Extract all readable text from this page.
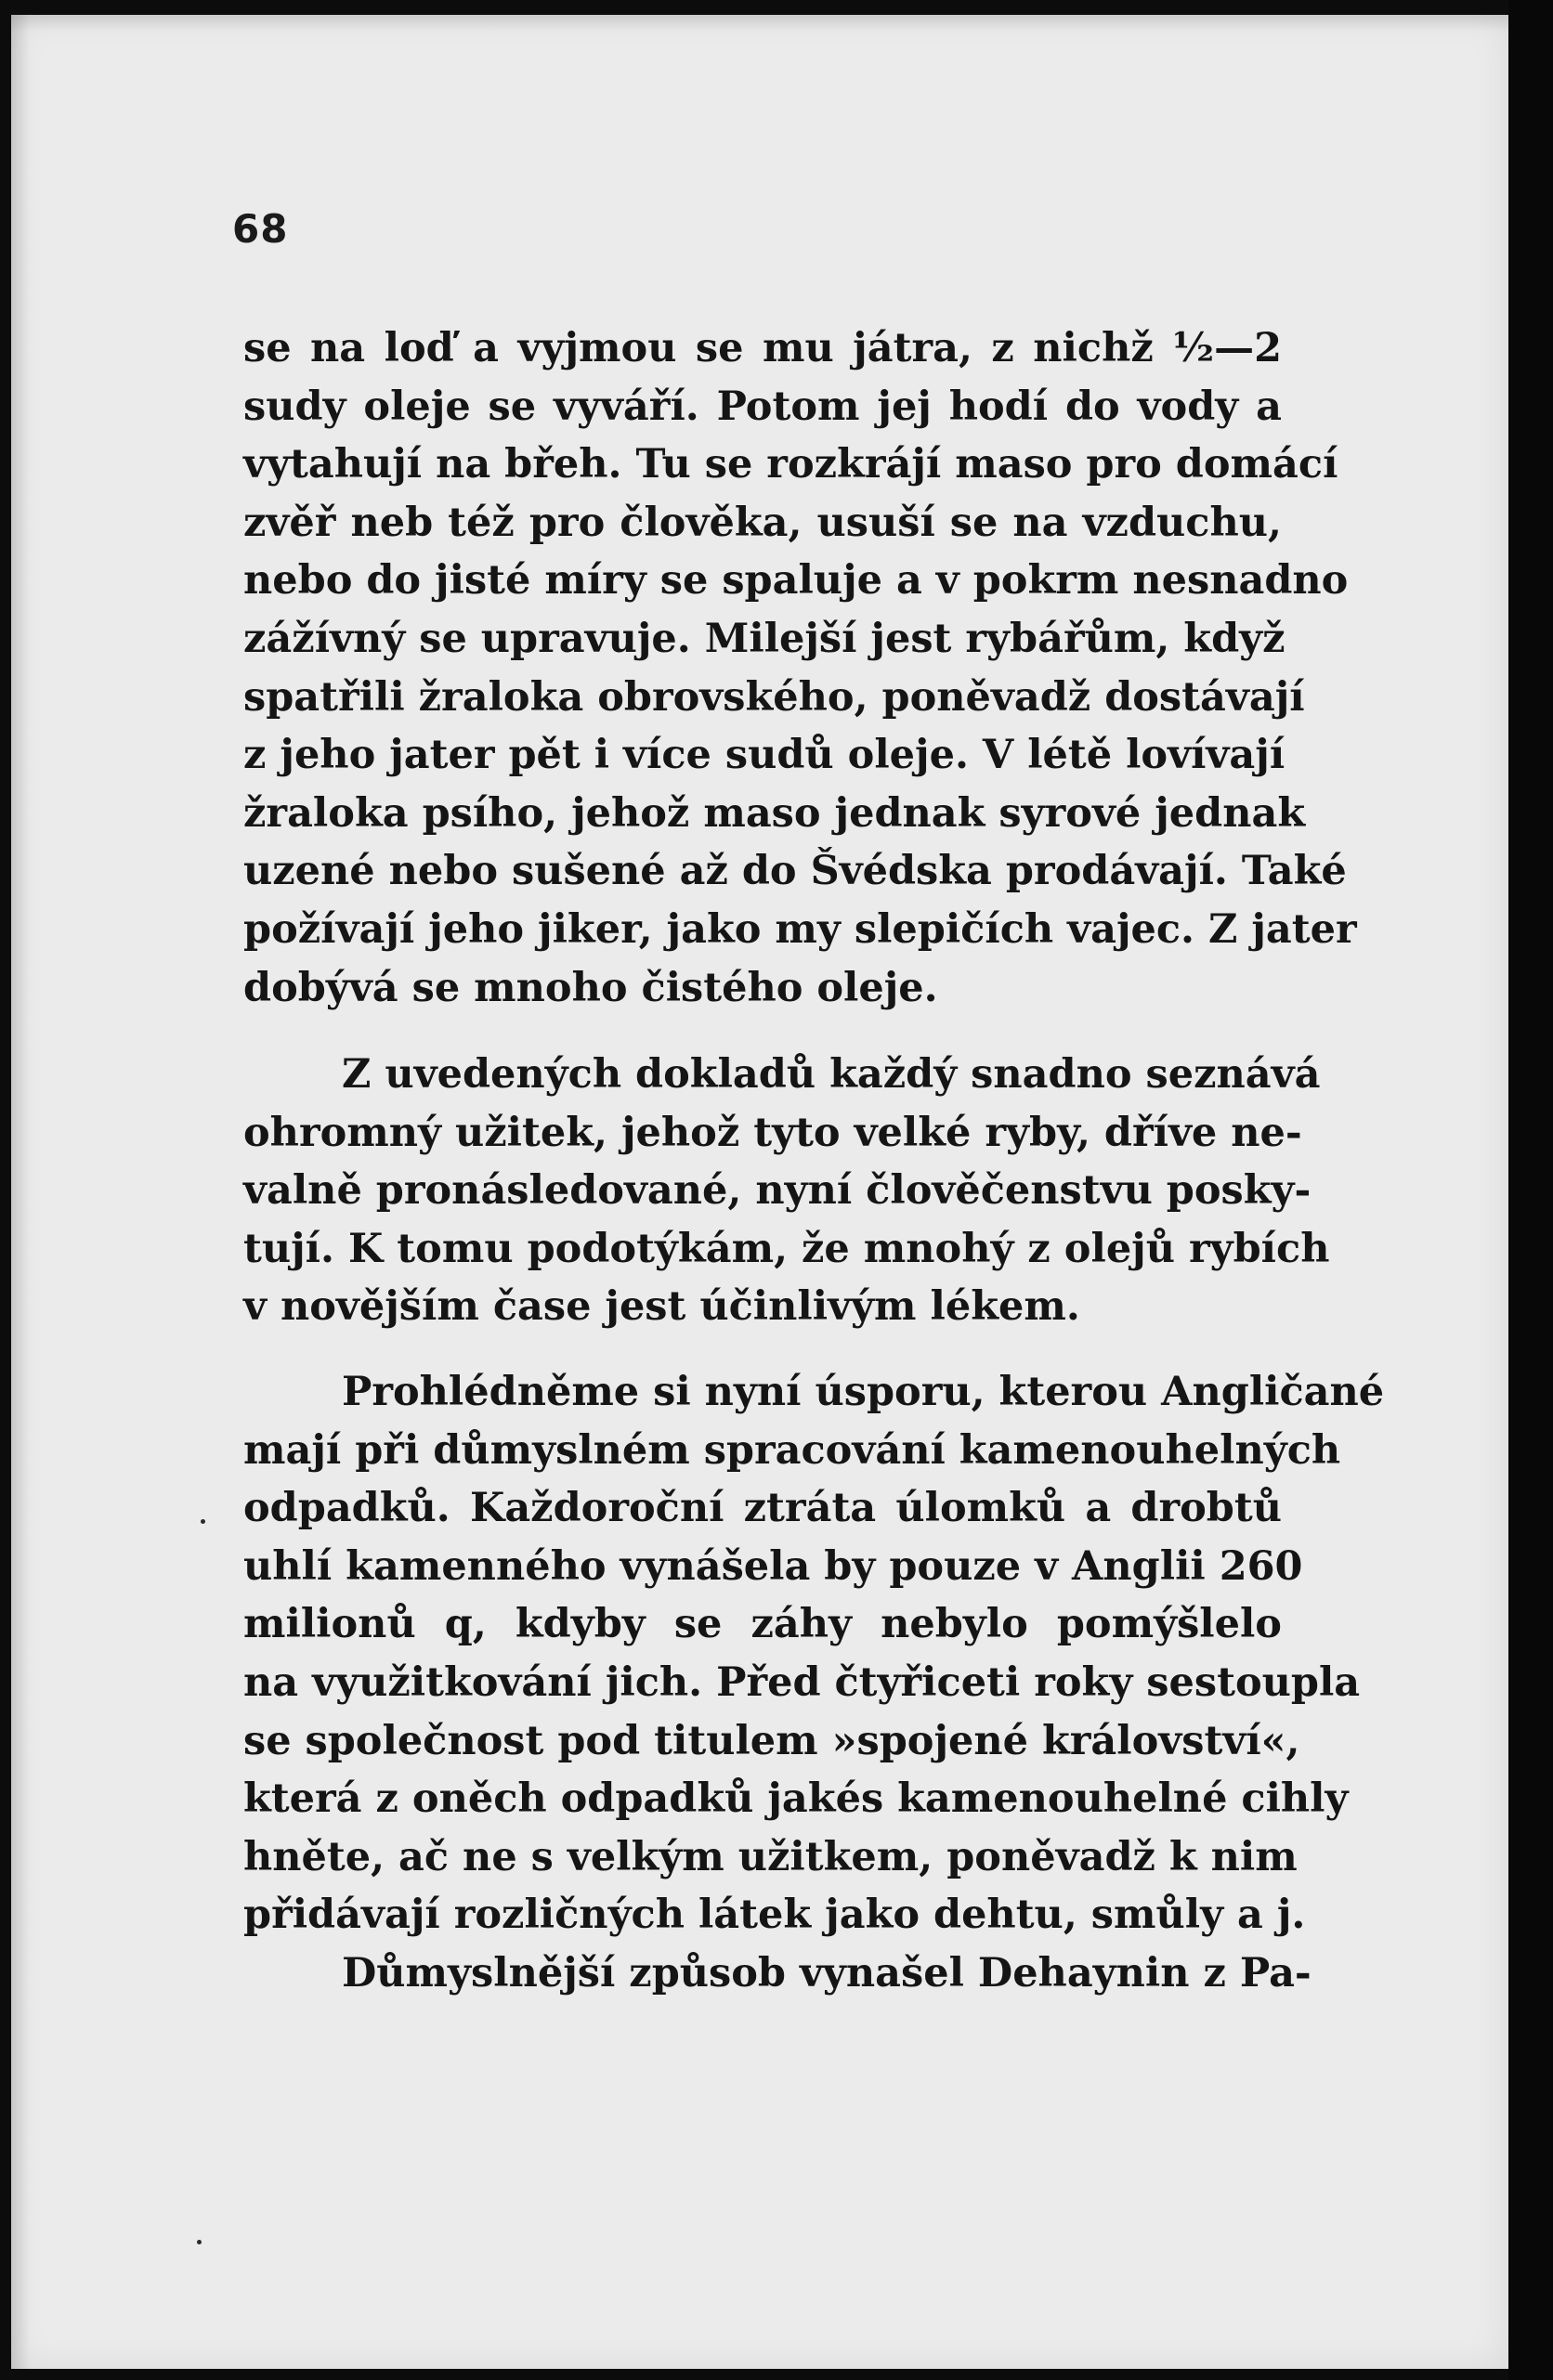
68
se na loď a vyjmou se mu játra, z nichž ½—2
sudy oleje se vyváří. Potom jej hodí do vody a
vytahují na břeh. Tu se rozkrájí maso pro domácí
zvěř neb též pro člověka, usuší se na vzduchu,
nebo do jisté míry se spaluje a v pokrm nesnadno
zážívný se upravuje. Milejší jest rybářům, když
spatřili žraloka obrovského, poněvadž dostávají
z jeho jater pět i více sudů oleje. V létě lovívají
žraloka psího, jehož maso jednak syrové jednak
uzené nebo sušené až do Švédska prodávají. Také
požívají jeho jiker, jako my slepičích vajec. Z jater
dobývá se mnoho čistého oleje.
Z uvedených dokladů každý snadno seznává
ohromný užitek, jehož tyto velké ryby, dříve ne-
valně pronásledované, nyní člověčenstvu posky-
tují. K tomu podotýkám, že mnohý z olejů rybích
v novějším čase jest účinlivým lékem.
Prohlédněme si nyní úsporu, kterou Angličané
mají při důmyslném spracování kamenouhelných
odpadků. Každoroční ztráta úlomků a drobtů
uhlí kamenného vynášela by pouze v Anglii 260
milionů q, kdyby se záhy nebylo pomýšlelo
na využitkování jich. Před čtyřiceti roky sestoupla
se společnost pod titulem »spojené království«,
která z oněch odpadků jakés kamenouhelné cihly
hněte, ač ne s velkým užitkem, poněvadž k nim
přidávají rozličných látek jako dehtu, smůly a j.
Důmyslnější způsob vynašel Dehaynin z Pa-
